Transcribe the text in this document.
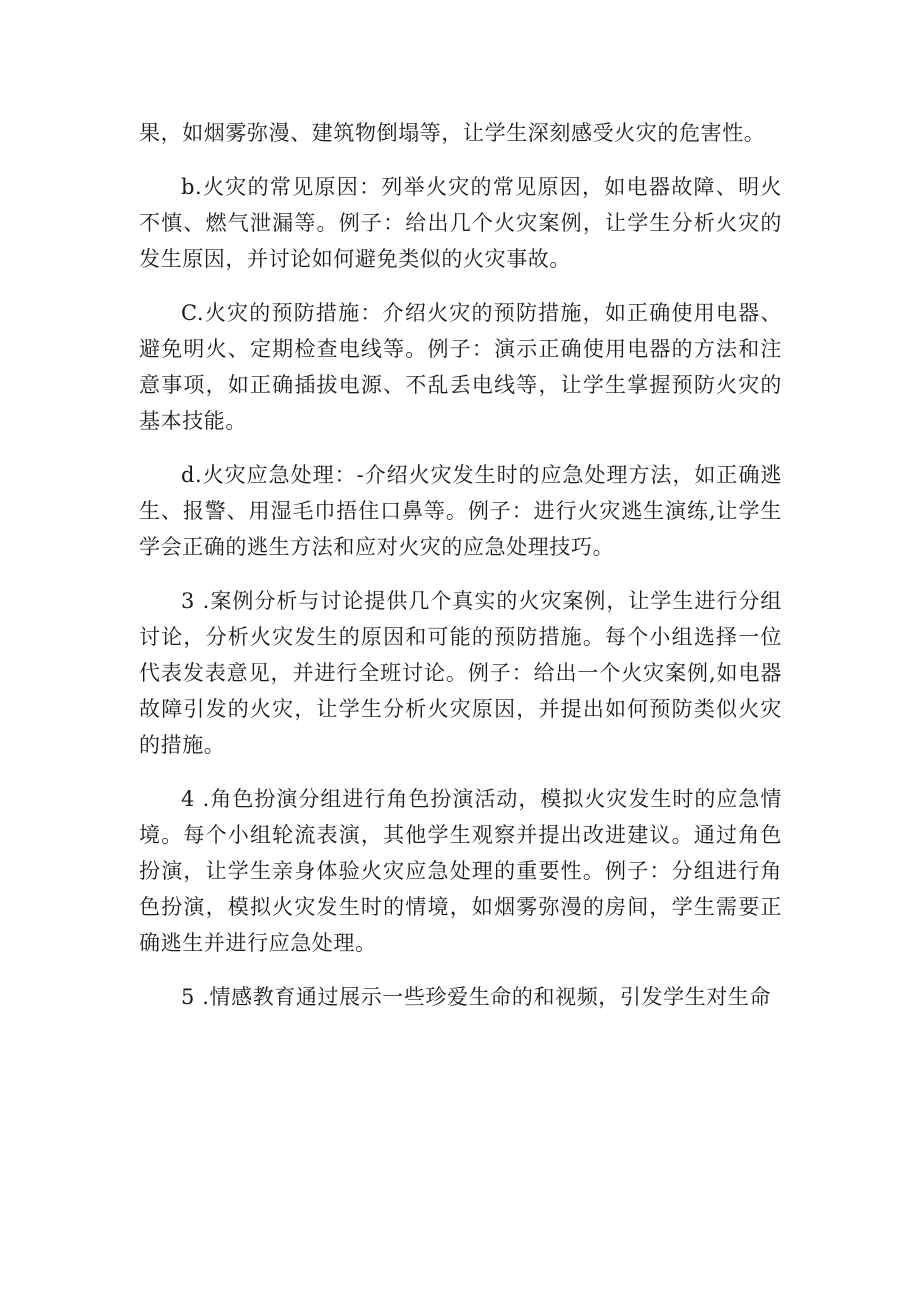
果，如烟雾弥漫、建筑物倒塌等，让学生深刻感受火灾的危害性。

b.火灾的常见原因：列举火灾的常见原因，如电器故障、明火不慎、燃气泄漏等。例子：给出几个火灾案例，让学生分析火灾的发生原因，并讨论如何避免类似的火灾事故。

C.火灾的预防措施：介绍火灾的预防措施，如正确使用电器、避免明火、定期检查电线等。例子：演示正确使用电器的方法和注意事项，如正确插拔电源、不乱丢电线等，让学生掌握预防火灾的基本技能。

d.火灾应急处理：-介绍火灾发生时的应急处理方法，如正确逃生、报警、用湿毛巾捂住口鼻等。例子：进行火灾逃生演练,让学生学会正确的逃生方法和应对火灾的应急处理技巧。

3 .案例分析与讨论提供几个真实的火灾案例，让学生进行分组讨论，分析火灾发生的原因和可能的预防措施。每个小组选择一位代表发表意见，并进行全班讨论。例子：给出一个火灾案例,如电器故障引发的火灾，让学生分析火灾原因，并提出如何预防类似火灾的措施。

4 .角色扮演分组进行角色扮演活动，模拟火灾发生时的应急情境。每个小组轮流表演，其他学生观察并提出改进建议。通过角色扮演，让学生亲身体验火灾应急处理的重要性。例子：分组进行角色扮演，模拟火灾发生时的情境，如烟雾弥漫的房间，学生需要正确逃生并进行应急处理。

5 .情感教育通过展示一些珍爱生命的和视频，引发学生对生命
